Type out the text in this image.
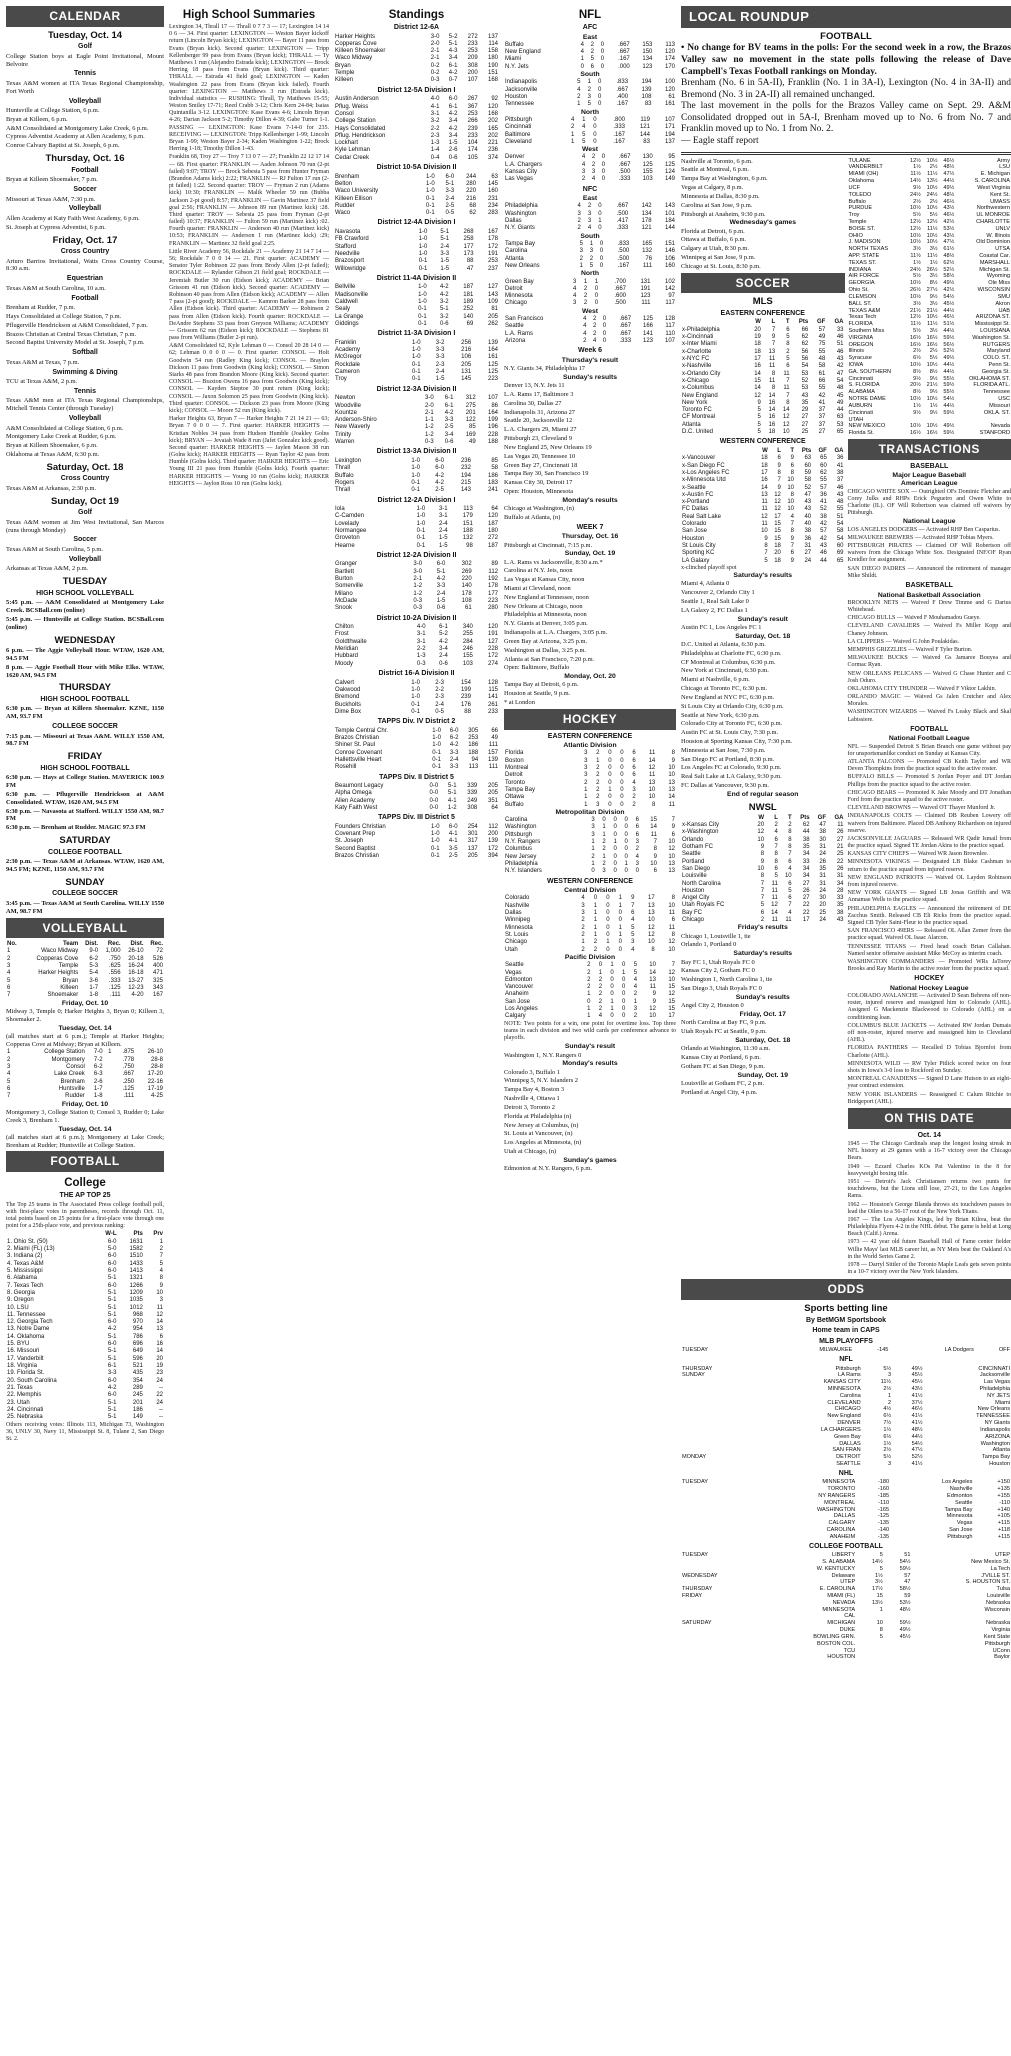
CALENDAR
Tuesday, Oct. 14
Golf
College Station boys at Eagle Point Invitational, Mount Belvoire
Tennis
Texas A&M women at ITA Texas Regional Championship, Fort Worth
Volleyball
Huntsville at College Station, 6 p.m.
Bryan at Killeen, 6 p.m.
A&M Consolidated at Montgomery Lake Creek, 6 p.m.
Cypress Adventist Academy at Allen Academy, 6 p.m.
Conroe Calvary Baptist at St. Joseph, 6 p.m.
Thursday, Oct. 16
Football
Bryan at Killeen Shoemaker, 7 p.m.
Soccer
Missouri at Texas A&M, 7:30 p.m.
Volleyball
Allen Academy at Katy Faith West Academy, 6 p.m.
St. Joseph at Cypress Adventist, 6 p.m.
Friday, Oct. 17
Cross Country
Arturo Barrios Invitational, Watts Cross Country Course, 8:30 a.m.
Equestrian
Texas A&M at South Carolina, 10 a.m.
Football
Brenham at Rudder, 7 p.m.
Hays Consolidated at College Station, 7 p.m.
Pflugerville Hendrickson at A&M Consolidated, 7 p.m.
Brazos Christian at Central Texas Christian, 7 p.m.
Second Baptist University Model at St. Joseph, 7 p.m.
Softball
Texas A&M at Texas, 7 p.m.
Swimming & Diving
TCU at Texas A&M, 2 p.m.
Tennis
Texas A&M men at ITA Texas Regional Championships, Mitchell Tennis Center (through Tuesday)
Volleyball
A&M Consolidated at College Station, 6 p.m.
Montgomery Lake Creek at Rudder, 6 p.m.
Bryan at Killeen Shoemaker, 6 p.m.
Oklahoma at Texas A&M, 6:30 p.m.
Saturday, Oct. 18
Cross Country
Texas A&M at Arkansas, 2:30 p.m.
Sunday, Oct 19
Golf
Texas A&M women at Jim West Invitational, San Marcos (runs through Monday)
Soccer
Texas A&M at South Carolina, 5 p.m.
Volleyball
Arkansas at Texas A&M, 2 p.m.
TUESDAY
HIGH SCHOOL VOLLEYBALL
5:45 p.m. — A&M Consolidated at Montgomery Lake Creek. BCSBall.com (online)
5:45 p.m. — Huntsville at College Station. BCSBall.com (online)
WEDNESDAY
6 p.m. — The Aggie Volleyball Hour. WTAW, 1620 AM, 94.5 FM
8 p.m. — Aggie Football Hour with Mike Elko. WTAW, 1620 AM, 94.5 FM
THURSDAY
HIGH SCHOOL FOOTBALL
6:30 p.m. — Bryan at Killeen Shoemaker. KZNE, 1150 AM, 93.7 FM
COLLEGE SOCCER
7:15 p.m. — Missouri at Texas A&M. WILLY 1550 AM, 98.7 FM
FRIDAY
HIGH SCHOOL FOOTBALL
6:30 p.m. — Hays at College Station. MAVERICK 100.9 FM
6:30 p.m. — Pflugerville Hendrickson at A&M Consolidated. WTAW, 1620 AM, 94.5 FM
6:30 p.m. — Navasota at Stafford. WILLY 1550 AM, 98.7 FM
6:30 p.m. — Brenham at Rudder. MAGIC 97.3 FM
SATURDAY
COLLEGE FOOTBALL
2:30 p.m. — Texas A&M at Arkansas. WTAW, 1620 AM, 94.5 FM; KZNE, 1150 AM, 93.7 FM
SUNDAY
COLLEGE SOCCER
3:45 p.m. — Texas A&M at South Carolina. WILLY 1550 AM, 98.7 FM
VOLLEYBALL
No.	Team	Dist.	Rec.	Dist.	Rec.
1	Waco Midway	9-0	1,000	26-10	72
2	Copperas Cove	6-2	.750	20-18	526
3	Temple	5-3	.625	16-24	400
4	Harker Heights	5-4	.556	16-18	471
5	Bryan	3-6	.333	13-27	325
6	Killeen	1-7	.125	12-23	343
7	Shoemaker	1-8	.111	4-20	167
Friday, Oct. 10
Midway 3, Temple 0; Harker Heights 3, Bryan 0; Killeen 3, Shoemaker 2.
Tuesday, Oct. 14
(all matches start at 6 p.m.); Temple at Harker Heights; Copperas Cove at Midway; Bryan at Killeen.
1	College Station	7-0	1	.875	26-10
2	Montgomery	7-2		.778	28-8
3	Consol	6-2		.750	28-8
4	Lake Creek	6-3		.667	17-20
5	Brenham	2-6		.250	22-16
6	Huntsville	1-7		.125	17-19
7	Rudder	1-8		.111	4-25
Friday, Oct. 10
Montgomery 3, College Station 0; Consol 3, Rudder 0; Lake Creek 3, Brenham 1.
Tuesday, Oct. 14
(all matches start at 6 p.m.); Montgomery at Lake Creek; Brenham at Rudder; Huntsville at College Station.
FOOTBALL
College
THE AP TOP 25
The Top 25 teams in The Associated Press college football poll, with first-place votes in parentheses, records through Oct. 11, total points based on 25 points for a first-place vote through one point for a 25th-place vote, and previous ranking:
	W-L	Pts	Prv
1. Ohio St. (50)	6-0	1631	1
2. Miami (FL) (13)	5-0	1582	2
3. Indiana (2)	6-0	1510	7
4. Texas A&M	6-0	1433	5
5. Mississippi	6-0	1413	4
6. Alabama	5-1	1321	8
7. Texas Tech	6-0	1266	9
8. Georgia	5-1	1209	10
9. Oregon	5-1	1035	3
10. LSU	5-1	1012	11
11. Tennessee	5-1	968	12
12. Georgia Tech	6-0	970	14
13. Notre Dame	4-2	954	13
14. Oklahoma	5-1	786	6
15. BYU	6-0	696	16
16. Missouri	5-1	649	14
17. Vanderbilt	5-1	596	20
18. Virginia	6-1	521	19
19. Florida St.	3-3	435	23
20. South Carolina	6-0	354	24
21. Texas	4-2	289	--
22. Memphis	6-0	245	22
23. Utah	5-1	201	24
24. Cincinnati	5-1	186	--
25. Nebraska	5-1	149	--
Others receiving votes: Illinois 113, Michigan 73, Washington 36, UNLV 30, Navy 11, Mississippi St. 8, Tulane 2, San Diego St. 2.
High School Summaries
Lexington 34, Thrall 17 — Thrall 0 7 7 3 — 17; Lexington 14 14 0 6 — 34. First quarter: LEXINGTON — Weston Bayer kickoff return (Lincoln Bryan kick); LEXINGTON — Bayer 11 pass from Evans (Bryan kick). Second quarter: LEXINGTON — Tripp Kellenberger 99 pass from Evans (Bryan kick); THRALL — Ty Matthews 1 run (Alejandro Estrada kick); LEXINGTON — Brock Herring 18 pass from Evans (Bryan kick). Third quarter: THRALL — Estrada 41 field goal; LEXINGTON — Kaden Washington 22 pass from Evans (Bryan kick failed). Fourth quarter: LEXINGTON — Matthews 3 run (Estrada kick). Individual statistics — RUSHING: Thrall, Ty Matthews 15-55; Weston Smiley 17-71; Reed Crabb 3-12; Chris Kern 24-84; Isaias Quintanilla 3-12. LEXINGTON: Kase Evans 4-6; Lincoln Bryan 4-26; Darian Jackson 5-2; Timothy Dillon 4-39; Gabe Turner 1-1. PASSING — LEXINGTON: Kase Evans 7-14-0 for 235. RECEIVING — LEXINGTON: Tripp Kellenberger 1-99; Lincoln Bryan 1-99; Weston Bayer 2-34; Kaden Washington 1-22; Brock Herring 1-18; Timothy Dillon 1-43.
Franklin 68, Troy 27 — Troy 7 13 0 7 — 27; Franklin 22 12 17 14 — 68. First quarter: FRANKLIN — Aaden Johnson 70 run (2-pt failed) 9:07; TROY — Brock Sebesta 5 pass from Hunter Fryman (Brandon Adams kick) 2:22; FRANKLIN — RJ Fulton 17 run (2-pt failed) 1:22. Second quarter: TROY — Fryman 2 run (Adams kick) 10:30; FRANKLIN — Malik Wheeler 59 run (Bubba Jackson 2-pt good) 8:57; FRANKLIN — Gavin Martinez 37 field goal 2:56; FRANKLIN — Johnson 89 run (Martinez kick) :28. Third quarter: TROY — Sebesta 25 pass from Fryman (2-pt failed) 10:37; FRANKLIN — Fulton 59 run (Martinez kick) :02. Fourth quarter: FRANKLIN — Anderson 40 run (Martinez kick) 10:53; FRANKLIN — Anderson 1 run (Martinez kick) :29; FRANKLIN — Martinez 32 field goal 2:25.
Little River Academy 56, Rockdale 21 — Academy 21 14 7 14 — 56; Rockdale 7 0 0 14 — 21. First quarter: ACADEMY — Senator Tyler Robinson 22 pass from Brody Allen (2-pt failed); ROCKDALE — Rylander Gibson 21 field goal; ROCKDALE — Jeremiah Butler 30 run (Eidson kick); ACADEMY — Brian Grissom 41 run (Eidson kick). Second quarter: ACADEMY — Robinson 40 pass from Allen (Eidson kick); ACADEMY — Allen 7 pass (2-pt good); ROCKDALE — Kamron Barker 28 pass from Allen (Eidson kick). Third quarter: ACADEMY — Robinson 2 pass from Allen (Eidson kick). Fourth quarter: ROCKDALE — DeAndre Stephens 33 pass from Greyson Williams; ACADEMY — Grissom 62 run (Eidson kick); ROCKDALE — Stephens 81 pass from Williams (Butler 2-pt run).
A&M Consolidated 62, Kyle Lehman 0 — Consol 20 28 14 0 — 62; Lehman 0 0 0 0 — 0. First quarter: CONSOL — Holt Goodwin 54 run (Radley King kick); CONSOL — Braylen Dickson 11 pass from Goodwin (King kick); CONSOL — Simon Starks 48 pass from Brandon Moore (King kick). Second quarter: CONSOL — Braxton Owens 16 pass from Goodwin (King kick); CONSOL — Kayden Steptoe 30 punt return (King kick); CONSOL — Jaxon Solomon 25 pass from Goodwin (King kick). Third quarter: CONSOL — Dickson 23 pass from Moore (King kick); CONSOL — Moore 52 run (King kick).
Harker Heights 63, Bryan 7 — Harker Heights 7 21 14 21 — 63; Bryan 7 0 0 0 — 7. First quarter: HARKER HEIGHTS — Kristian Nobles 34 pass from Hudson Humble (Joakley Golns kick); BRYAN — Jevaiah Wade 8 run (Jafet Gonzalez kick good). Second quarter: HARKER HEIGHTS — Jaylen Mason 38 run (Golns kick); HARKER HEIGHTS — Ryan Taylor 42 pass from Humble (Golns kick). Third quarter: HARKER HEIGHTS — Eric Young III 21 pass from Humble (Golns kick). Fourth quarter: HARKER HEIGHTS — Young 10 run (Golns kick); HARKER HEIGHTS — Jaylon Ross 10 run (Golns kick).
Standings
District 12-6A
Harker Heights	3-0	5-2	272	137
Copperas Cove	2-0	5-1	233	114
Killeen Shoemaker	2-1	4-3	253	158
Waco Midway	2-1	3-4	209	180
Bryan	0-2	6-1	308	190
Temple	0-2	4-2	200	151
Killeen	0-3	0-7	107	168
District 12-5A Division I
Austin Anderson	4-0	6-0	267	92
Pflug. Weiss	4-1	6-1	367	120
Consol	3-1	4-2	253	168
College Station	3-2	3-4	266	202
Hays Consolidated	2-2	4-2	239	165
Pflug. Hendrickson	2-3	3-4	233	202
Lockhart	1-3	1-5	104	221
Kyle Lehman	1-4	2-6	174	236
Cedar Creek	0-4	0-6	105	374
District 10-5A Division II
Brenham	1-0	6-0	244	63
Belton	1-0	5-1	280	145
Waco University	1-0	3-3	220	160
Killeen Ellison	0-1	2-4	216	231
Rudder	0-1	2-5	68	234
Waco	0-1	0-5	62	283
District 12-4A Division I
Navasota	1-0	5-1	268	167
FB Crawford	1-0	5-1	258	178
Stafford	1-0	2-4	177	172
Needville	1-0	3-3	173	191
Brazosport	0-1	1-5	88	253
Willowridge	0-1	1-5	47	237
District 11-4A Division II
Bellville	1-0	4-2	187	127
Madisonville	1-0	4-2	181	143
Caldwell	1-0	3-2	189	109
Sealy	0-1	5-1	252	81
La Grange	0-1	3-2	140	205
Giddings	0-1	0-6	69	262
District 11-3A Division I
Franklin	1-0	3-2	256	139
Academy	1-0	3-3	216	164
McGregor	1-0	3-3	106	161
Rockdale	0-1	2-3	205	125
Cameron	0-1	2-4	131	125
Troy	0-1	1-5	145	223
District 12-3A Division II
Newton	3-0	6-1	312	107
Woodville	2-0	6-1	275	86
Kountze	2-1	4-2	201	164
Anderson-Shiro	1-1	3-3	122	199
New Waverly	1-2	2-5	85	196
Trinity	1-2	3-4	169	228
Warren	0-3	0-6	49	188
District 13-3A Division II
Lexington	1-0	6-0	236	85
Thrall	1-0	6-0	232	58
Buffalo	1-0	4-2	194	186
Rogers	0-1	4-2	215	183
Thrall	0-1	2-5	143	241
District 12-2A Division I
Iola	1-0	3-1	113	64
C-Camden	1-0	3-1	179	120
Lovelady	1-0	2-4	151	187
Normangee	0-1	2-4	188	180
Groveton	0-1	1-5	132	272
Hearne	0-1	1-5	98	187
District 12-2A Division II
Granger	3-0	6-0	302	89
Bartlett	3-0	5-1	269	112
Burton	2-1	4-2	220	192
Somerville	1-2	3-3	140	178
Milano	1-2	2-4	178	177
McDade	0-3	1-5	108	223
Snook	0-3	0-6	61	280
District 10-2A Division II
Chilton	4-0	6-1	340	120
Frost	3-1	5-2	255	191
Goldthwaite	3-1	4-2	284	127
Meridian	2-2	3-4	246	228
Hubbard	1-3	2-4	155	172
Moody	0-3	0-6	103	274
District 16-A Division II
Calvert	1-0	2-3	154	128
Oakwood	1-0	2-2	199	115
Bremond	1-0	2-3	239	141
Buckholts	0-1	2-4	176	261
Dime Box	0-1	0-5	88	233
TAPPS Div. IV District 2
Temple Central Chr.	1-0	6-0	305	66
Brazos Christian	1-0	6-2	253	49
Shiner St. Paul	1-0	4-2	186	111
Conroe Covenant	0-1	3-3	188	157
Hallettsville Heart	0-1	2-4	94	139
Rosehill	0-1	3-3	113	111
TAPPS Div. II District 5
Beaumont Legacy	0-0	5-1	339	205
Alpha Omega	0-0	5-1	339	205
Allen Academy	0-0	4-1	249	351
Katy Faith West	0-0	1-2	308	64
TAPPS Div. III District 5
Founders Christian	1-0	6-0	254	112
Covenant Prep	1-0	4-1	301	200
St. Joseph	1-0	4-1	317	139
Second Baptist	0-1	3-5	137	172
Brazos Christian	0-1	2-5	205	394
NFL
AFC
East
Buffalo	4	2	0	.667	153	113
New England	4	2	0	.667	150	120
Miami	1	5	0	.167	134	174
N.Y. Jets	0	6	0	.000	123	170
South
Indianapolis	5	1	0	.833	194	100
Jacksonville	4	2	0	.667	139	120
Houston	2	3	0	.400	108	61
Tennessee	1	5	0	.167	83	161
North
Pittsburgh	4	1	0	.800	119	107
Cincinnati	2	4	0	.333	121	171
Baltimore	1	5	0	.167	144	194
Cleveland	1	5	0	.167	83	137
West
Denver	4	2	0	.667	130	95
L.A. Chargers	4	2	0	.667	125	125
Kansas City	3	3	0	.500	155	124
Las Vegas	2	4	0	.333	103	149
NFC
East
Philadelphia	4	2	0	.667	142	143
Washington	3	3	0	.500	134	101
Dallas	2	3	1	.417	178	184
N.Y. Giants	2	4	0	.333	121	144
South
Tampa Bay	5	1	0	.833	165	151
Carolina	3	3	0	.500	132	146
Atlanta	2	2	0	.500	76	106
New Orleans	1	5	0	.167	111	160
North
Green Bay	3	1	1	.700	131	102
Detroit	4	2	0	.667	191	142
Minnesota	4	2	0	.600	123	97
Chicago	3	2	0	.500	111	117
West
San Francisco	4	2	0	.667	125	128
Seattle	4	2	0	.667	166	117
L.A. Rams	4	2	0	.667	141	110
Arizona	2	4	0	.333	123	107
Week 6
Thursday's result
N.Y. Giants 34, Philadelphia 17
Sunday's results
Denver 13, N.Y. Jets 11
L.A. Rams 17, Baltimore 3
Carolina 30, Dallas 27
Indianapolis 31, Arizona 27
Seattle 20, Jacksonville 12
L.A. Chargers 29, Miami 27
Pittsburgh 23, Cleveland 9
New England 25, New Orleans 19
Las Vegas 20, Tennessee 10
Green Bay 27, Cincinnati 18
Tampa Bay 30, San Francisco 19
Kansas City 30, Detroit 17
Open: Houston, Minnesota
Monday's results
Chicago at Washington, (n)
Buffalo at Atlanta, (n)
WEEK 7
Thursday, Oct. 16
Pittsburgh at Cincinnati, 7:15 p.m.
Sunday, Oct. 19
L.A. Rams vs Jacksonville, 8:30 a.m.*
Carolina at N.Y. Jets, noon
Las Vegas at Kansas City, noon
Miami at Cleveland, noon
New England at Tennessee, noon
New Orleans at Chicago, noon
Philadelphia at Minnesota, noon
N.Y. Giants at Denver, 3:05 p.m.
Indianapolis at L.A. Chargers, 3:05 p.m.
Green Bay at Arizona, 3:25 p.m.
Washington at Dallas, 3:25 p.m.
Atlanta at San Francisco, 7:20 p.m.
Open: Baltimore, Buffalo
Monday, Oct. 20
Tampa Bay at Detroit, 6 p.m.
Houston at Seattle, 9 p.m.
* at London
HOCKEY
EASTERN CONFERENCE
Atlantic Division
Florida	3	2	0	0	6	11	8
Boston	3	1	0	0	6	14	9
Montreal	3	2	0	0	6	12	10
Detroit	3	2	0	0	6	11	10
Toronto	2	2	0	0	4	13	13
Tampa Bay	1	2	1	0	3	10	13
Ottawa	1	2	0	0	2	10	14
Buffalo	1	3	0	0	2	8	11
Metropolitan Division
Carolina	3	0	0	0	6	15	7
Washington	3	1	0	0	6	14	9
Pittsburgh	3	1	0	0	6	11	6
N.Y. Rangers	1	2	1	0	3	7	10
Columbus	1	2	0	0	2	8	12
New Jersey	2	1	0	0	4	9	10
Philadelphia	1	2	0	1	3	10	13
N.Y. Islanders	0	3	0	0	0	6	13
WESTERN CONFERENCE
Central Division
Colorado	4	0	0	1	9	17	8
Nashville	3	1	0	1	7	13	10
Dallas	3	1	0	0	6	13	11
Winnipeg	2	1	0	0	4	10	6
Minnesota	2	1	0	1	5	12	11
St. Louis	2	1	0	1	5	12	8
Chicago	1	2	1	0	3	10	12
Utah	2	2	0	0	4	8	10
Pacific Division
Seattle	2	0	1	0	5	10	7
Vegas	2	1	0	1	5	14	12
Edmonton	2	2	0	0	4	13	10
Vancouver	2	2	0	0	4	11	15
Anaheim	1	2	0	0	2	9	12
San Jose	0	2	1	0	1	9	15
Los Angeles	1	2	1	0	3	12	15
Calgary	1	4	0	0	2	10	17
NOTE: Two points for a win, one point for overtime loss. Top three teams in each division and two wild cards per conference advance to playoffs.
Sunday's result
Washington 1, N.Y. Rangers 0
Monday's results
Colorado 3, Buffalo 1
Winnipeg 5, N.Y. Islanders 2
Tampa Bay 4, Boston 3
Nashville 4, Ottawa 1
Detroit 3, Toronto 2
Florida at Philadelphia (n)
New Jersey at Columbus, (n)
St. Louis at Vancouver, (n)
Los Angeles at Minnesota, (n)
Utah at Chicago, (n)
Sunday's games
Edmonton at N.Y. Rangers, 6 p.m.
LOCAL ROUNDUP
FOOTBALL
• No change for BV teams in the polls: For the second week in a row, the Brazos Valley saw no movement in the state polls following the release of Dave Campbell's Texas Football rankings on Monday.
Brenham (No. 6 in 5A-II), Franklin (No. 1 in 3A-I), Lexington (No. 4 in 3A-II) and Bremond (No. 3 in 2A-II) all remained unchanged.
The last movement in the polls for the Brazos Valley came on Sept. 29. A&M Consolidated dropped out in 5A-I, Brenham moved up to No. 6 from No. 7 and Franklin moved up to No. 1 from No. 2.
— Eagle staff report
Nashville at Toronto, 6 p.m.
Seattle at Montreal, 6 p.m.
Tampa Bay at Washington, 6 p.m.
Vegas at Calgary, 8 p.m.
Minnesota at Dallas, 8:30 p.m.
Carolina at San Jose, 9 p.m.
Pittsburgh at Anaheim, 9:30 p.m.
Wednesday's games
Florida at Detroit, 6 p.m.
Ottawa at Buffalo, 6 p.m.
Calgary at Utah, 8:30 p.m.
Winnipeg at San Jose, 9 p.m.
Chicago at St. Louis, 8:30 p.m.
SOCCER
MLS
EASTERN CONFERENCE
	W	L	T	Pts	GF	GA
x-Philadelphia	20	7	6	66	57	33
x-Cincinnati	19	9	5	62	49	46
x-Inter Miami	18	7	8	62	75	51
x-Charlotte	18	13	2	56	55	46
x-NYC FC	17	11	5	56	48	43
x-Nashville	16	11	6	54	58	42
x-Orlando City	14	8	11	53	61	47
x-Chicago	15	11	7	52	66	54
x-Columbus	14	8	11	53	55	48
New England	12	14	7	43	42	45
New York	9	16	8	35	41	49
Toronto FC	5	14	14	29	37	44
CF Montreal	5	16	12	27	37	63
Atlanta	5	16	12	27	37	53
D.C. United	5	18	10	25	27	65
WESTERN CONFERENCE
	W	L	T	Pts	GF	GA
x-Vancouver	18	6	9	63	65	36
x-San Diego FC	18	9	6	60	60	41
x-Los Angeles FC	17	8	8	59	62	38
x-Minnesota Utd	16	7	10	58	55	37
x-Seattle	14	9	10	52	57	46
x-Austin FC	13	12	8	47	36	43
x-Portland	11	12	10	43	41	48
FC Dallas	11	12	10	43	52	55
Real Salt Lake	12	17	4	40	38	51
Colorado	11	15	7	40	42	54
San Jose	10	15	8	38	57	58
Houston	9	15	9	36	42	54
St Louis City	8	18	7	31	43	60
Sporting KC	7	20	6	27	46	69
LA Galaxy	5	18	9	24	44	65
x-clinched playoff spot
Saturday's results
Miami 4, Atlanta 0
Vancouver 2, Orlando City 1
Seattle 1, Real Salt Lake 0
LA Galaxy 2, FC Dallas 1
Sunday's result
Austin FC 1, Los Angeles FC 1
Saturday, Oct. 18
D.C. United at Atlanta, 6:30 p.m.
Philadelphia at Charlotte FC, 6:30 p.m.
CF Montreal at Columbus, 6:30 p.m.
New York at Cincinnati, 6:30 p.m.
Miami at Nashville, 6 p.m.
Chicago at Toronto FC, 6:30 p.m.
New England at NYC FC, 6:30 p.m.
St Louis City at Orlando City, 6:30 p.m.
Seattle at New York, 6:30 p.m.
Colorado City at Toronto FC, 6:30 p.m.
Austin FC at St. Louis City, 7:30 p.m.
Houston at Sporting Kansas City, 7:30 p.m.
Minnesota at San Jose, 7:30 p.m.
San Diego FC at Portland, 8:30 p.m.
Los Angeles FC at Colorado, 9:30 p.m.
Real Salt Lake at LA Galaxy, 9:30 p.m.
FC Dallas at Vancouver, 9:30 p.m.
End of regular season
NWSL
	W	L	T	Pts	GF	GA
x-Kansas City	20	2	2	62	47	11
x-Washington	12	4	8	44	38	26
Orlando	10	6	8	38	30	27
Gotham FC	9	7	8	35	31	21
Seattle	8	8	7	34	24	25
Portland	9	8	6	33	26	22
San Diego	10	6	4	34	35	26
Louisville	8	5	10	34	31	31
North Carolina	7	11	6	27	31	34
Houston	7	11	5	26	24	28
Angel City	7	11	6	27	30	33
Utah Royals FC	5	12	7	22	20	35
Bay FC	6	14	4	22	25	38
Chicago	2	11	11	17	24	43
Friday's results
Chicago 1, Louisville 1, tie
Orlando 1, Portland 0
Saturday's results
Bay FC 1, Utah Royals FC 0
Kansas City 2, Gotham FC 0
Washington 1, North Carolina 1, tie
San Diego 3, Utah Royals FC 0
Sunday's results
Angel City 2, Houston 0
Friday, Oct. 17
North Carolina at Bay FC, 9 p.m.
Utah Royals FC at Seattle, 9 p.m.
Saturday, Oct. 18
Orlando at Washington, 11:30 a.m.
Kansas City at Portland, 6 p.m.
Gotham FC at San Diego, 9 p.m.
Sunday, Oct. 19
Louisville at Gotham FC, 2 p.m.
Portland at Angel City, 4 p.m.
TULANE	12½	10½	46½	Army
VANDERBILT	1½	2½	48½	LSU
MIAMI (OH)	11½	11½	47½	E. Michigan
Oklahoma	14½	13½	44½	S. CAROLINA
UCF	9½	10½	49½	West Virginia
TOLEDO	24½	24½	48½	Kent St.
Buffalo	2½	2½	46½	UMASS
PURDUE	10½	10½	43½	Northwestern
Troy	5½	5½	46½	UL MONROE
Temple	12½	12½	42½	CHARLOTTE
BOISE ST.	12½	11½	53½	UNLV
OHIO	10½	10½	43½	W. Illinois
J. MADISON	10½	10½	47½	Old Dominion
NORTH TEXAS	3½	3½	61½	UTSA
APP. STATE	11½	11½	48½	Coastal Car.
TEXAS ST.	1½	1½	62½	MARSHALL
INDIANA	24½	26½	52½	Michigan St.
AIR FORCE	5½	3½	58½	Wyoming
GEORGIA	10½	8½	49½	Ole Miss
Ohio St.	26½	27½	42½	WISCONSIN
CLEMSON	10½	9½	54½	SMU
BALL ST.	3½	3½	45½	Akron
TEXAS A&M	21½	21½	44½	UAB
Texas Tech	12½	10½	46½	ARIZONA ST.
FLORIDA	11½	11½	51½	Mississippi St.
Southern Miss	5½	3½	44½	LOUISIANA
VIRGINIA	16½	16½	59½	Washington St.
OREGON	16½	16½	56½	RUTGERS
Illinois	2½	2½	52½	Maryland
Syracuse	6½	5½	49½	COLO. ST.
IOWA	10½	10½	44½	Penn St.
GA. SOUTHERN	8½	8½	44½	Georgia St.
Cincinnati	9½	9½	55½	OKLAHOMA ST.
S. FLORIDA	20½	21½	59½	FLORIDA ATL.
ALABAMA	8½	9½	55½	Tennessee
NOTRE DAME	10½	10½	54½	USC
AUBURN	1½	1½	44½	Missouri
Cincinnati	9½	9½	59½	OKLA. ST.
UTAH				
NEW MEXICO	10½	10½	49½	Nevada
Florida St.	16½	16½	59½	STANFORD
TRANSACTIONS
BASEBALL
Major League Baseball
American League
CHICAGO WHITE SOX — Outrighted OFs Dominic Fletcher and Corey Julks and RHPs Erick Pegueiro and Owen White to Charlotte (IL). OF Will Robertson was claimed off waivers by Pittsburgh.
National League
LOS ANGELES DODGERS — Activated RHP Ben Casparius.
MILWAUKEE BREWERS — Activated RHP Tobias Myers.
PITTSBURGH PIRATES — Claimed OF Will Robertson off waivers from the Chicago White Sox. Designated INF/OF Ryan Kreidler for assignment.
SAN DIEGO PADRES — Announced the retirement of manager Mike Shildt.
BASKETBALL
National Basketball Association
BROOKLYN NETS — Waived F Drew Timme and G Darius Whitehead.
CHICAGO BULLS — Waived F Mouhamadou Gueye.
CLEVELAND CAVALIERS — Waived Fs Miller Kopp and Chaney Johnson.
LA CLIPPERS — Waived G John Poulakidas.
MEMPHIS GRIZZLIES — Waived F Tyler Burton.
MILWAUKEE BUCKS — Waived Gs Jamaree Bouyea and Cormac Ryan.
NEW ORLEANS PELICANS — Waived G Chase Hunter and C Josh Oduro.
OKLAHOMA CITY THUNDER — Waived F Viktor Lakhin.
ORLANDO MAGIC — Waived Gs Jalen Crutcher and Alex Morales.
WASHINGTON WIZARDS — Waived Fs Leaky Black and Skal Labissiere.
FOOTBALL
National Football League
NFL — Suspended Detroit S Brian Branch one game without pay for unsportsmanlike conduct on Sunday at Kansas City.
ATLANTA FALCONS — Promoted CB Keith Taylor and WR Deven Thompkins from the practice squad to the active roster.
BUFFALO BILLS — Promoted S Jordan Poyer and DT Jordan Phillips from the practice squad to the active roster.
CHICAGO BEARS — Promoted K Jake Moody and DT Jonathan Ford from the practice squad to the active roster.
CLEVELAND BROWNS — Waived OT Thayer Munford Jr.
INDIANAPOLIS COLTS — Claimed DB Reuben Lowery off waivers from Baltimore. Placed DB Anthony Richardson on injured reserve.
JACKSONVILLE JAGUARS — Released WR Qadir Ismail from the practice squad. Signed TE Jordan Akins to the practice squad.
KANSAS CITY CHIEFS — Waived WR Jason Brownlee.
MINNESOTA VIKINGS — Designated LB Blake Cashman to return to the practice squad from injured reserve.
NEW ENGLAND PATRIOTS — Waived OL Layden Robinson from injured reserve.
NEW YORK GIANTS — Signed LB Jonas Griffith and WR Annamae Wells to the practice squad.
PHILADELPHIA EAGLES — Announced the retirement of DE Zacchus Smith. Released CB Eli Ricks from the practice squad. Signed CB Tyler Saint-Fleur to the practice squad.
SAN FRANCISCO 49ERS — Released OL Allan Zemer from the practice squad. Waived OL Isaac Alarcon.
TENNESSEE TITANS — Fired head coach Brian Callahan. Named senior offensive assistant Mike McCoy as interim coach.
WASHINGTON COMMANDERS — Promoted WRs JaTorey Brooks and Ray Martin to the active roster from the practice squad.
HOCKEY
National Hockey League
COLORADO AVALANCHE — Activated D Sean Behrens off non-roster, injured reserve and reassigned him to Colorado (AHL). Assigned G Mackenzie Blackwood to Colorado (AHL) on a conditioning loan.
COLUMBUS BLUE JACKETS — Activated RW Jordan Dumais off non-roster, injured reserve and reassigned him to Cleveland (AHL).
FLORIDA PANTHERS — Recalled D Tobias Bjornfot from Charlotte (AHL).
MINNESOTA WILD — RW Tyler Pitlick scored twice on four shots in Iowa's 3-0 loss to Rockford on Sunday.
MONTREAL CANADIENS — Signed D Lane Hutson to an eight-year contract extension.
NEW YORK ISLANDERS — Reassigned C Calum Ritchie to Bridgeport (AHL).
ON THIS DATE
Oct. 14
1945 — The Chicago Cardinals snap the longest losing streak in NFL history at 29 games with a 16-7 victory over the Chicago Bears.
1949 — Ezzard Charles KOs Pat Valentino in the 8 for heavyweight boxing title.
1951 — Detroit's Jack Christiansen returns two punts for touchdowns, but the Lions still lose, 27-21, to the Los Angeles Rams.
1962 — Houston's George Blanda throws six touchdown passes to lead the Oilers to a 56-17 rout of the New York Titans.
1967 — The Los Angeles Kings, led by Brian Kilrea, beat the Philadelphia Flyers 4-2 in the NHL debut. The game is held at Long Beach (Calif.) Arena.
1973 — 42 year old future Baseball Hall of Fame center fielder Willie Mays' last MLB career hit, as NY Mets beat the Oakland A's in the World Series Game 2.
1978 — Darryl Sittler of the Toronto Maple Leafs gets seven points in a 10-7 victory over the New York Islanders.
ODDS
Sports betting line
By BetMGM Sportsbook
Home team in CAPS
MLB PLAYOFFS
TUESDAY	MILWAUKEE	-145	LA Dodgers	OFF
NFL
THURSDAY	Pittsburgh	5½	49½	CINCINNATI
SUNDAY	LA Rams	3	45½	Jacksonville
	KANSAS CITY	11½	45½	Las Vegas
	MINNESOTA	2½	43½	Philadelphia
	Carolina	1	41½	NY JETS
	CLEVELAND	2	37½	Miami
	CHICAGO	4½	46½	New Orleans
	New England	6½	41½	TENNESSEE
	DENVER	7½	41½	NY Giants
	LA CHARGERS	1½	48½	Indianapolis
	Green Bay	6½	44½	ARIZONA
	DALLAS	1½	54½	Washington
	SAN FRAN	2½	47½	Atlanta
MONDAY	DETROIT	5½	52½	Tampa Bay
	SEATTLE	3	41½	Houston
NHL
TUESDAY	MINNESOTA	-180	Los Angeles	+150
	TORONTO	-160	Nashville	+135
	NY RANGERS	-185	Edmonton	+155
	MONTREAL	-110	Seattle	-110
	WASHINGTON	-165	Tampa Bay	+140
	DALLAS	-125	Minnesota	+105
	CALGARY	-135	Vegas	+115
	CAROLINA	-140	San Jose	+118
	ANAHEIM	-135	Pittsburgh	+115
COLLEGE FOOTBALL
TUESDAY	LIBERTY	5	51	UTEP
	S. ALABAMA	14½	54½	New Mexico St.
	W. KENTUCKY	5	59½	La Tech
WEDNESDAY	Delaware	1½	57	J'VILLE ST.
	UTEP	3½	47	S. HOUSTON ST.
THURSDAY	E. CAROLINA	17½	58½	Tulsa
FRIDAY	MIAMI (FL)	15	59	Louisville
	NEVADA	13½	53½	Nebraska
	MINNESOTA	1	48½	Wisconsin
	CAL			
SATURDAY	MICHIGAN	10	59½	Nebraska
	DUKE	8	49½	Virginia
	BOWLING GRN.	5	45½	Kent State
	BOSTON COL.			Pittsburgh
	TCU			UConn
	HOUSTON			Baylor
